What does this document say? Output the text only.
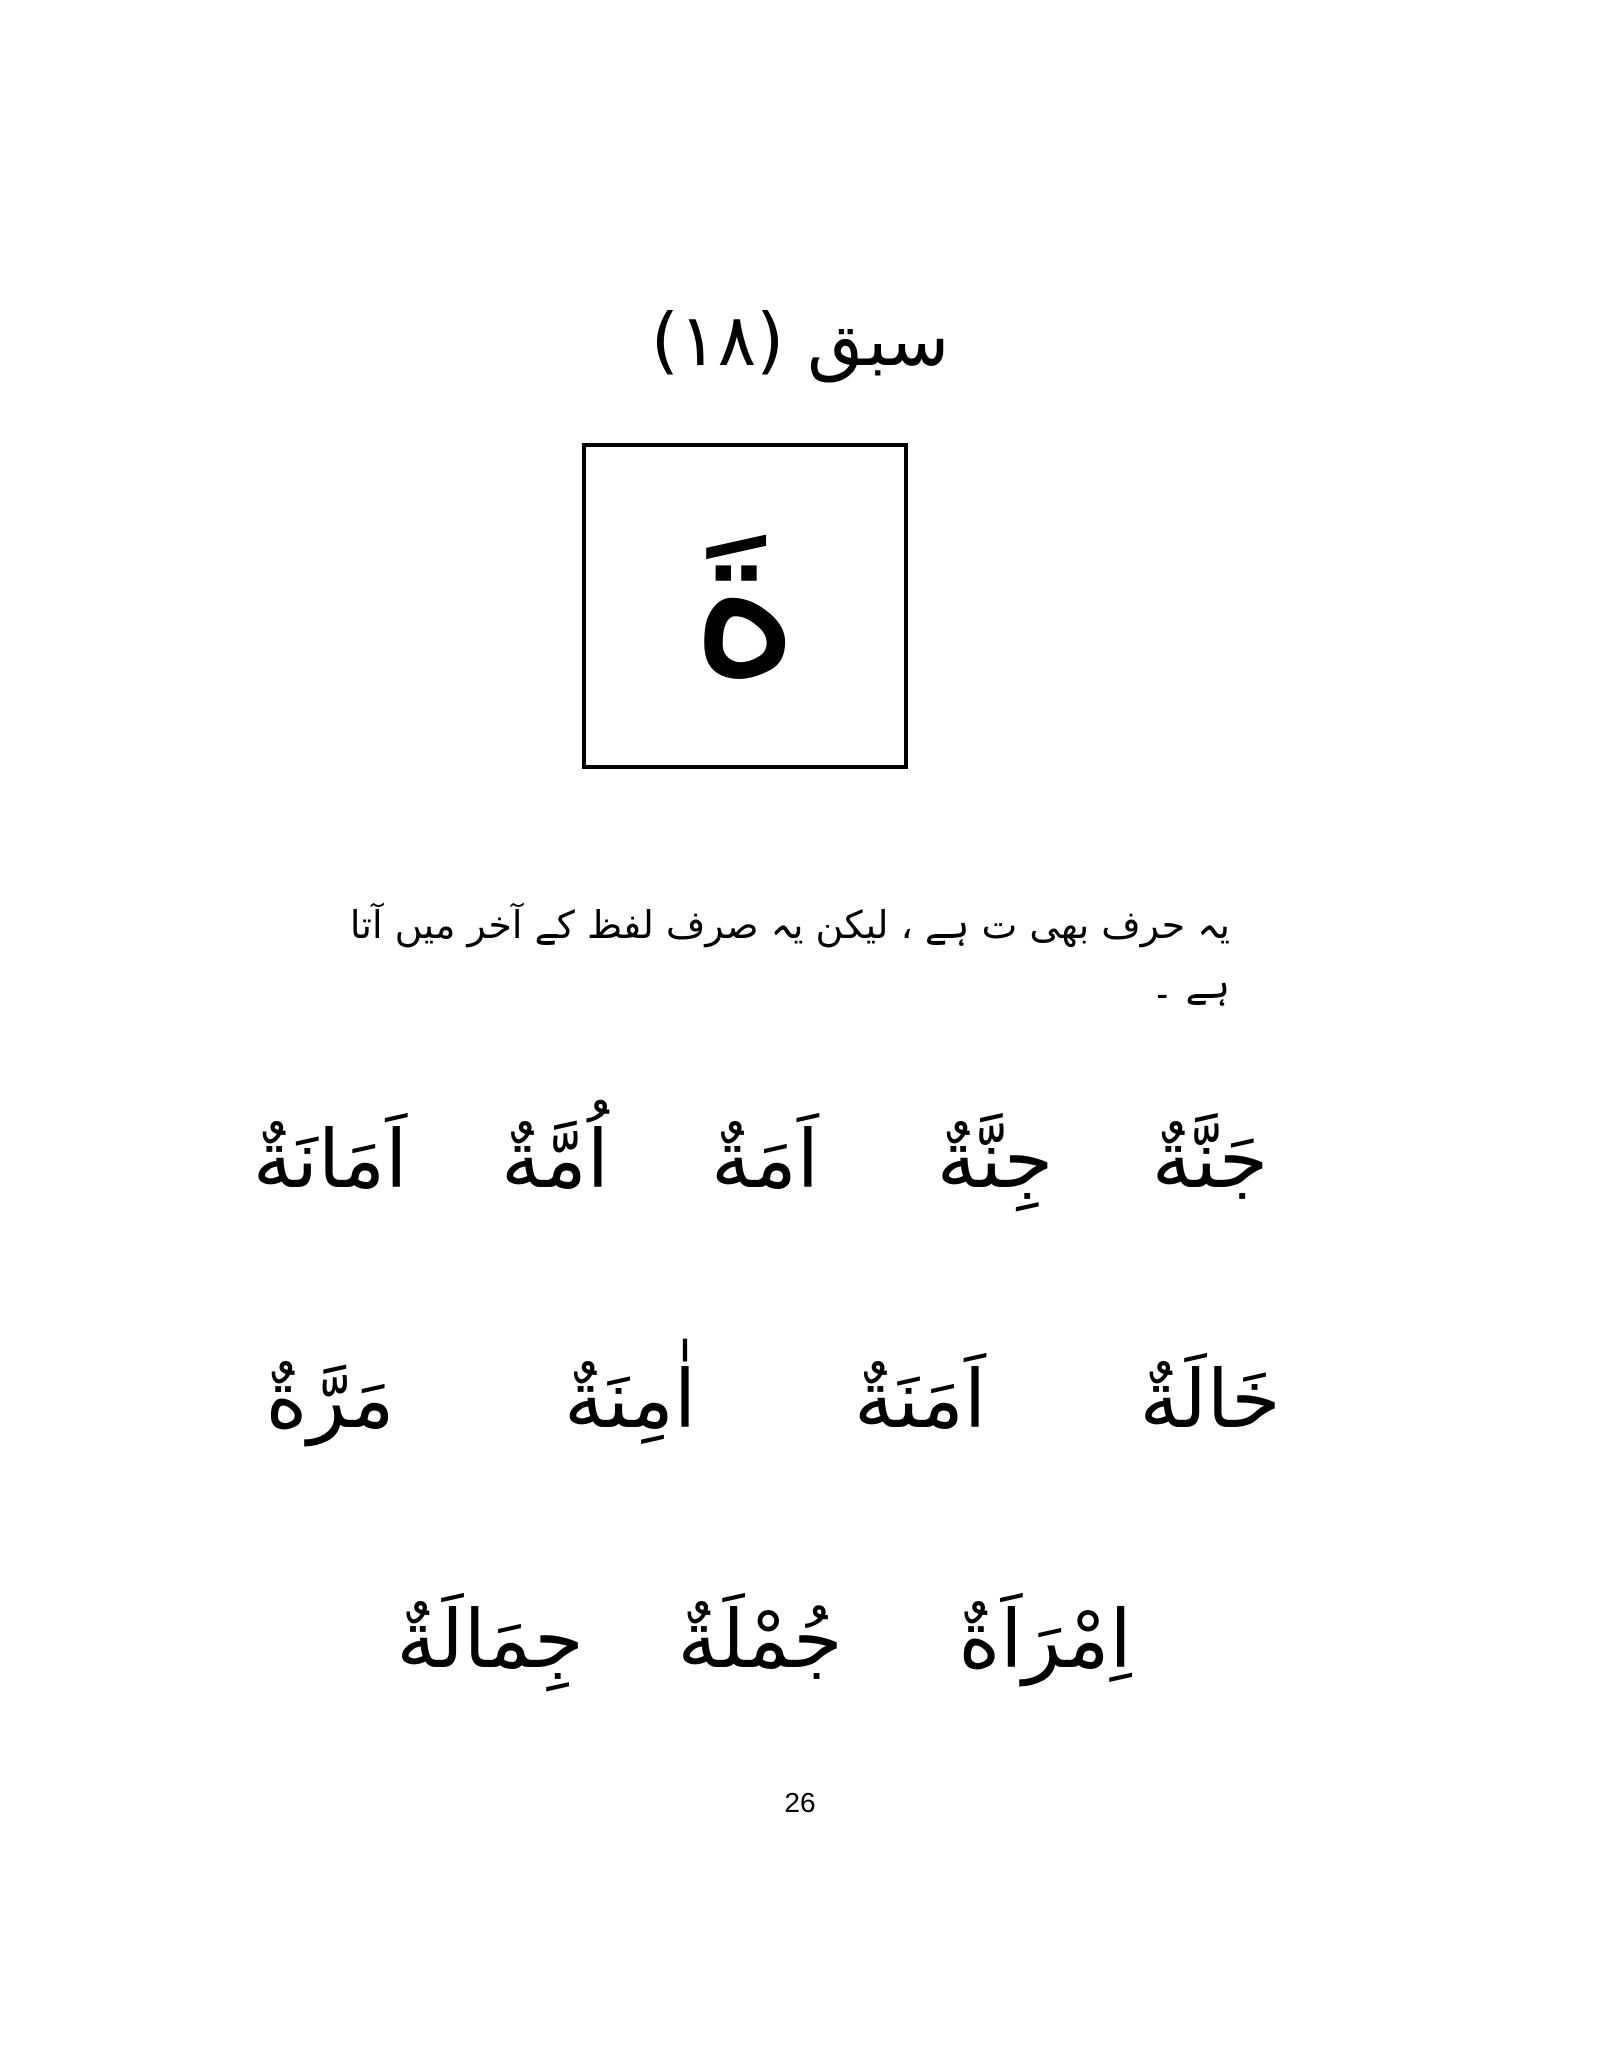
سبق (١٨)
ةَ
یہ حرف بھی ت ہے ، لیکن یہ صرف لفظ کے آخر میں آتا ہے ۔
جَنَّةٌ
جِنَّةٌ
اَمَةٌ
اُمَّةٌ
اَمَانَةٌ
خَالَةٌ
اَمَنَةٌ
اٰمِنَةٌ
مَرَّةٌ
اِمْرَاَةٌ
جُمْلَةٌ
جِمَالَةٌ
26
